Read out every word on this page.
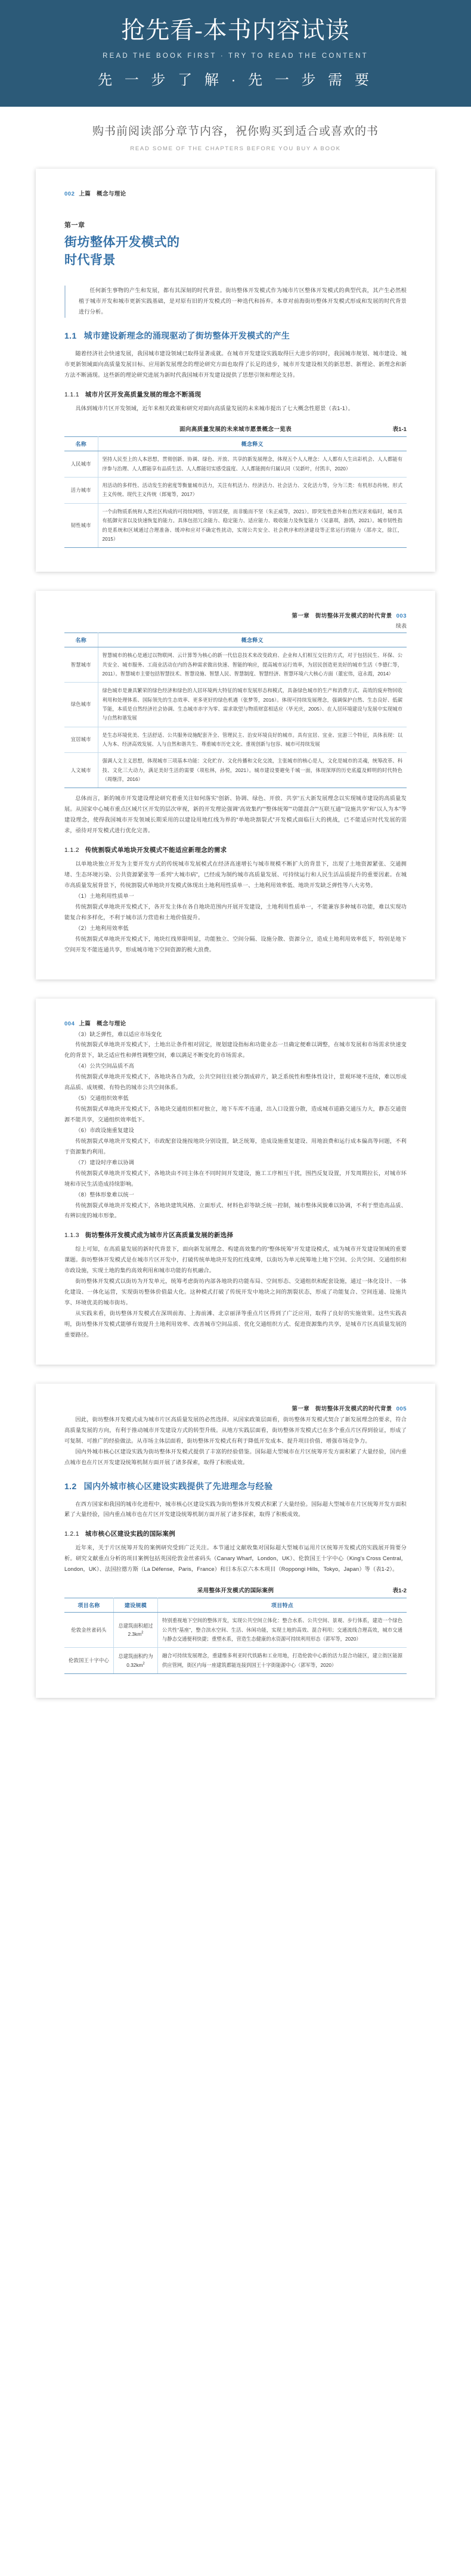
抢先看-本书内容试读
READ THE BOOK FIRST · TRY TO READ THE CONTENT
先 一 步 了 解 · 先 一 步 需 要
购书前阅读部分章节内容，祝你购买到适合或喜欢的书
READ SOME OF THE CHAPTERS BEFORE YOU BUY A BOOK
002 上篇　概念与理论
第一章
街坊整体开发模式的
时代背景

任何新生事物的产生和发展，都有其深刻的时代背景。街坊整体开发模式作为城市片区整体开发模式的典型代表，其产生必然根植于城市开发和城市更新实践基础，是对原有旧的开发模式的一种迭代和扬弃。本章对前海街坊整体开发模式形成和发展的时代背景进行分析。

1.1 城市建设新理念的涌现驱动了街坊整体开发模式的产生

随着经济社会快速发展，我国城市建设领域已取得显著成就。在城市开发建设实践取得巨大进步的同时，我国城市规划、城市建设、城市更新领域面向高质量发展目标、应用新发展理念的理论研究方面也取得了长足的进步，城市开发建设相关的新思想、新理论、新理念和新方法不断涌现。这些新的理论研究进展为新时代我国城市开发建设提供了思想引领和理论支持。

1.1.1 城市片区开发高质量发展的理念不断涌现

具体到城市片区开发领域，近年来相关政策和研究对面向高质量发展的未来城市提出了七大概念性愿景（表1-1）。

面向高质量发展的未来城市愿景概念一览表	表1-1
名称	概念释义
人民城市	坚持人民至上的人本思想，贯彻创新、协调、绿色、开放、共享的新发展理念，体现五个人人理念：人人都有人生出彩机会、人人都能有序参与治理、人人都能享有品质生活、人人都能切实感受温度、人人都能拥有归属认同（吴新叶，付凯丰，2020）
活力城市	用活动的多样性、活动发生的密度等衡量城市活力，关注有机活力、经济活力、社会活力、文化活力等，分为三类：有机形态传统、形式主义传统、现代主义传统（郎嵬等，2017）
韧性城市	一个由物质系统和人类社区构成的可持续网络，牢固灵便，而非脆而不坚（朱正威等，2021）。即突发性意外和自然灾害来临时，城市具有抵御灾害以及快速恢复的能力。具体包括冗余能力、稳定能力、适应能力、吸收能力及恢复能力（吴嘉琪，游鸽，2021）。城市韧性指的是系统和区域通过合理准备、缓冲和应对不确定性扰动，实现公共安全、社会秩序和经济建设等正常运行的能力（邵亦文，徐江，2015）
第一章　街坊整体开发模式的时代背景 003
续表
名称	概念释义
智慧城市	智慧城市的核心是通过以物联网、云计算等为核心的新一代信息技术来改变政府、企业和人们相互交往的方式，对于包括民生、环保、公共安全、城市服务、工商业活动在内的各种需求做出快速、智能的响应，提高城市运行效率，为居民创造更美好的城市生活（李德仁等，2011）。智慧城市主要包括智慧技术、智慧设施、智慧人民、智慧制度、智慧经济、智慧环境六大核心方面（董宏伟，寇永霞，2014）
绿色城市	绿色城市是兼具繁荣的绿色经济和绿色的人居环境两大特征的城市发展形态和模式，具备绿色城市的生产和消费方式、高效的废弃物回收利用和处理体系、国际领先的生态效率、更多更好的绿色机遇（张梦等，2016）。体现可持续发展理念，强调保护自然、生态良好、低碳节能，本质是自然经济社会协调、生态城市赤字为零、需求欲望与物质财富相适应（毕光庆，2005）、在人居环境建设与发展中实现城市与自然和谐发展
宜居城市	是生态环境优美、生活舒适、公共服务设施配套齐全、管理民主、治安环境良好的城市。具有宜居、宜业、宜游三个特征，具体表现：以人为本、经济高效发展、人与自然和谐共生、尊重城市历史文化、重视创新与包容、城市可持续发展
人文城市	强调人文主义思想，体现城市三项基本功能：文化贮存、文化传播和文化交流，主张城市的核心是人，文化是城市的灵魂，统筹改革、科技、文化三大动力，满足美好生活的需要（项松林，孙悦，2021）。城市建设要避免千城一面，体现深厚的历史底蕴及鲜明的时代特色（周继洋，2016）

总体而言，新的城市开发建设理论研究着重关注如何落实“创新、协调、绿色、开放、共享”五大新发展理念以实现城市建设的高质量发展。从国家中心城市重点区域片区开发的层次审视，新的开发理论强调“高效集约”“整体统筹”“功能混合”“互联互通”“设施共享”和“以人为本”等建设理念，使得我国城市开发领域长期采用的以建设用地红线为界的“单地块割裂式”开发模式面临巨大的挑战，已不能适应时代发展的需求，亟待对开发模式进行优化完善。

1.1.2 传统割裂式单地块开发模式不能适应新理念的需求

以单地块独立开发为主要开发方式的传统城市发展模式在经济高速增长与城市规模不断扩大的背景下，出现了土地资源紧张、交通拥堵、生态环境污染、公共资源紧张等一系列“大城市病”，已经成为制约城市高质量发展、可持续运行和人民生活品质提升的重要因素。在城市高质量发展背景下，传统割裂式单地块开发模式体现出土地利用性质单一、土地利用效率低、地块开发缺乏弹性等八大劣势。

（1）土地利用性质单一

传统割裂式单地块开发模式下，各开发主体在各自地块范围内开展开发建设，土地利用性质单一，不能兼容多种城市功能，难以实现功能复合和多样化，不利于城市活力营造和土地价值提升。

（2）土地利用效率低

传统割裂式单地块开发模式下，地块红线界限明显，功能独立、空间分隔、设施分散、资源分立，造成土地利用效率低下，特别是地下空间开发不能连通共享，形成城市地下空间资源的极大浪费。

004 上篇　概念与理论

（3）缺乏弹性，难以适应市场变化

传统割裂式单地块开发模式下，土地出让条件相对固定，规划建设指标和功能业态一旦确定便难以调整，在城市发展和市场需求快速变化的背景下，缺乏适应性和弹性调整空间，难以满足不断变化的市场需求。

（4）公共空间品质不高

传统割裂式单地块开发模式下，各地块各自为政，公共空间往往被分割成碎片，缺乏系统性和整体性设计，景观环境不连续，难以形成高品质、成规模、有特色的城市公共空间体系。

（5）交通组织效率低

传统割裂式单地块开发模式下，各地块交通组织相对独立，地下车库不连通，出入口设置分散，造成城市道路交通压力大，静态交通资源不能共享，交通组织效率低下。

（6）市政设施重复建设

传统割裂式单地块开发模式下，市政配套设施按地块分别设置，缺乏统筹，造成设施重复建设、用地浪费和运行成本偏高等问题，不利于资源集约利用。

（7）建设时序难以协调

传统割裂式单地块开发模式下，各地块由不同主体在不同时间开发建设，施工工序相互干扰，围挡反复设置，开发周期拉长，对城市环境和市民生活造成持续影响。

（8）整体形象难以统一

传统割裂式单地块开发模式下，各地块建筑风格、立面形式、材料色彩等缺乏统一控制，城市整体风貌难以协调，不利于塑造高品质、有辨识度的城市形象。

1.1.3 街坊整体开发模式成为城市片区高质量发展的新选择

综上可知，在高质量发展的新时代背景下，面向新发展理念、构建高效集约的“整体统筹”开发建设模式，成为城市开发建设领域的重要课题。街坊整体开发模式是在城市片区开发中，打破传统单地块开发的红线束缚，以街坊为单元统筹地上地下空间、公共空间、交通组织和市政设施，实现土地的集约高效利用和城市功能的有机融合。

街坊整体开发模式以街坊为开发单元，统筹考虑街坊内部各地块的功能布局、空间形态、交通组织和配套设施，通过一体化设计、一体化建设、一体化运营，实现街坊整体价值最大化。这种模式打破了传统开发中地块之间的割裂状态，形成了功能复合、空间连通、设施共享、环境优美的城市街坊。

从实践来看，街坊整体开发模式在深圳前海、上海前滩、北京丽泽等重点片区得到了广泛应用，取得了良好的实施效果。这些实践表明，街坊整体开发模式能够有效提升土地利用效率、改善城市空间品质、优化交通组织方式、促进资源集约共享，是城市片区高质量发展的重要路径。

第一章　街坊整体开发模式的时代背景 005

因此，街坊整体开发模式成为城市片区高质量发展的必然选择。从国家政策层面看，街坊整体开发模式契合了新发展理念的要求，符合高质量发展的方向，有利于推动城市开发建设方式的转型升级。从地方实践层面看，街坊整体开发模式已在多个重点片区得到验证，形成了可复制、可推广的经验做法。从市场主体层面看，街坊整体开发模式有利于降低开发成本、提升项目价值、增强市场竞争力。

国内外城市核心区建设实践为街坊整体开发模式提供了丰富的经验借鉴。国际超大型城市在片区统筹开发方面积累了大量经验，国内重点城市也在片区开发建设统筹机制方面开展了诸多探索，取得了积极成效。

1.2 国内外城市核心区建设实践提供了先进理念与经验

在西方国家和我国的城市化进程中，城市核心区建设实践为街坊整体开发模式积累了大量经验。国际超大型城市在片区统筹开发方面积累了大量经验，国内重点城市也在片区开发建设统筹机制方面开展了诸多探索，取得了积极成效。

1.2.1 城市核心区建设实践的国际案例

近年来，关于片区统筹开发的案例研究受到广泛关注。本节通过文献收集对国际超大型城市运用片区统筹开发模式的实践展开简要分析。研究文献重点分析的项目案例包括英国伦敦金丝雀码头（Canary Wharf，London，UK）、伦敦国王十字中心（King's Cross Central，London，UK）、法国拉德方斯（La Défense，Paris，France）和日本东京六本木项目（Roppongi Hills，Tokyo，Japan）等（表1-2）。

采用整体开发模式的国际案例	表1-2
项目名称	建设规模	项目特点
伦敦金丝雀码头	总建筑面积超过$2.3km^2$	特别重视地下空间的整体开发，实现公共空间立体化：整合水系、公共空间、景观、步行体系，建造一个绿色公共性“基座”，整合滨水空间、生活、休闲功能，实现土地的高效、混合利用；交通流线合理高效，城市交通与静态交通便利快捷；重塑水系，营造生态健康的水资源可持续利用形态（郭军等，2020）
伦敦国王十字中心	总建筑面积约为$0.32km^2$	融合可持续发展理念，重建维多利亚时代铁路和工业用地，打造伦敦中心新的活力混合功能区，建立街区能源供应管网，街区内每一座建筑都能连接到国王十字街能源中心（郭军等，2020）
